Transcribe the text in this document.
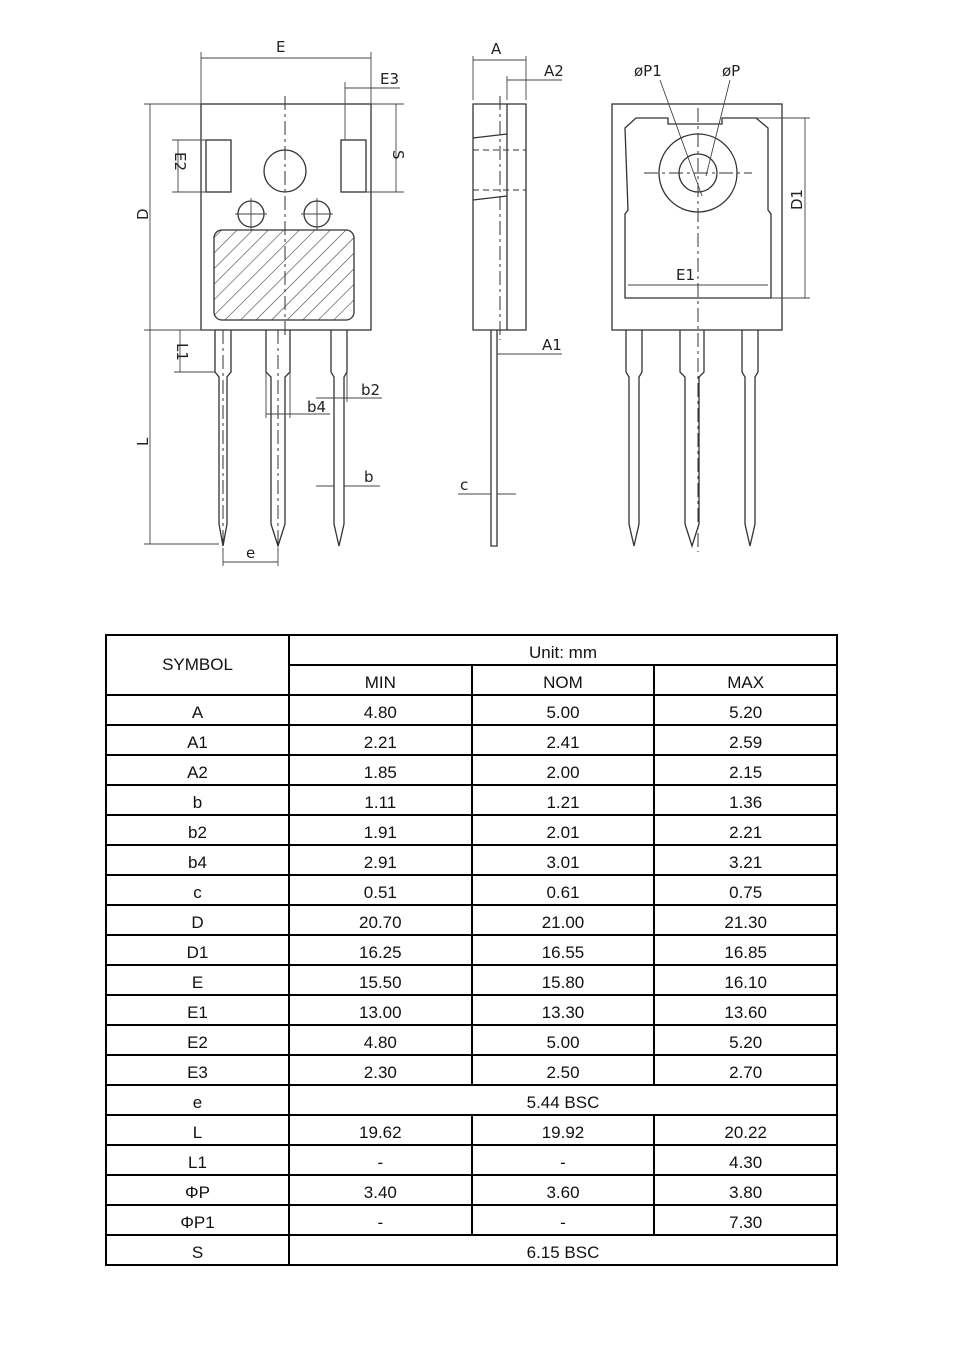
E
E3
S
E2
D
L1
L
b4
b2
b
e
A
A2
A1
c
øP1	øP
E1
D1
SYMBOL	Unit: mm		
	MIN	NOM	MAX
A	4.80	5.00	5.20
A1	2.21	2.41	2.59
A2	1.85	2.00	2.15
b	1.11	1.21	1.36
b2	1.91	2.01	2.21
b4	2.91	3.01	3.21
c	0.51	0.61	0.75
D	20.70	21.00	21.30
D1	16.25	16.55	16.85
E	15.50	15.80	16.10
E1	13.00	13.30	13.60
E2	4.80	5.00	5.20
E3	2.30	2.50	2.70
e	5.44 BSC		
L	19.62	19.92	20.22
L1	-	-	4.30
ΦP	3.40	3.60	3.80
ΦP1	-	-	7.30
S	6.15 BSC		
